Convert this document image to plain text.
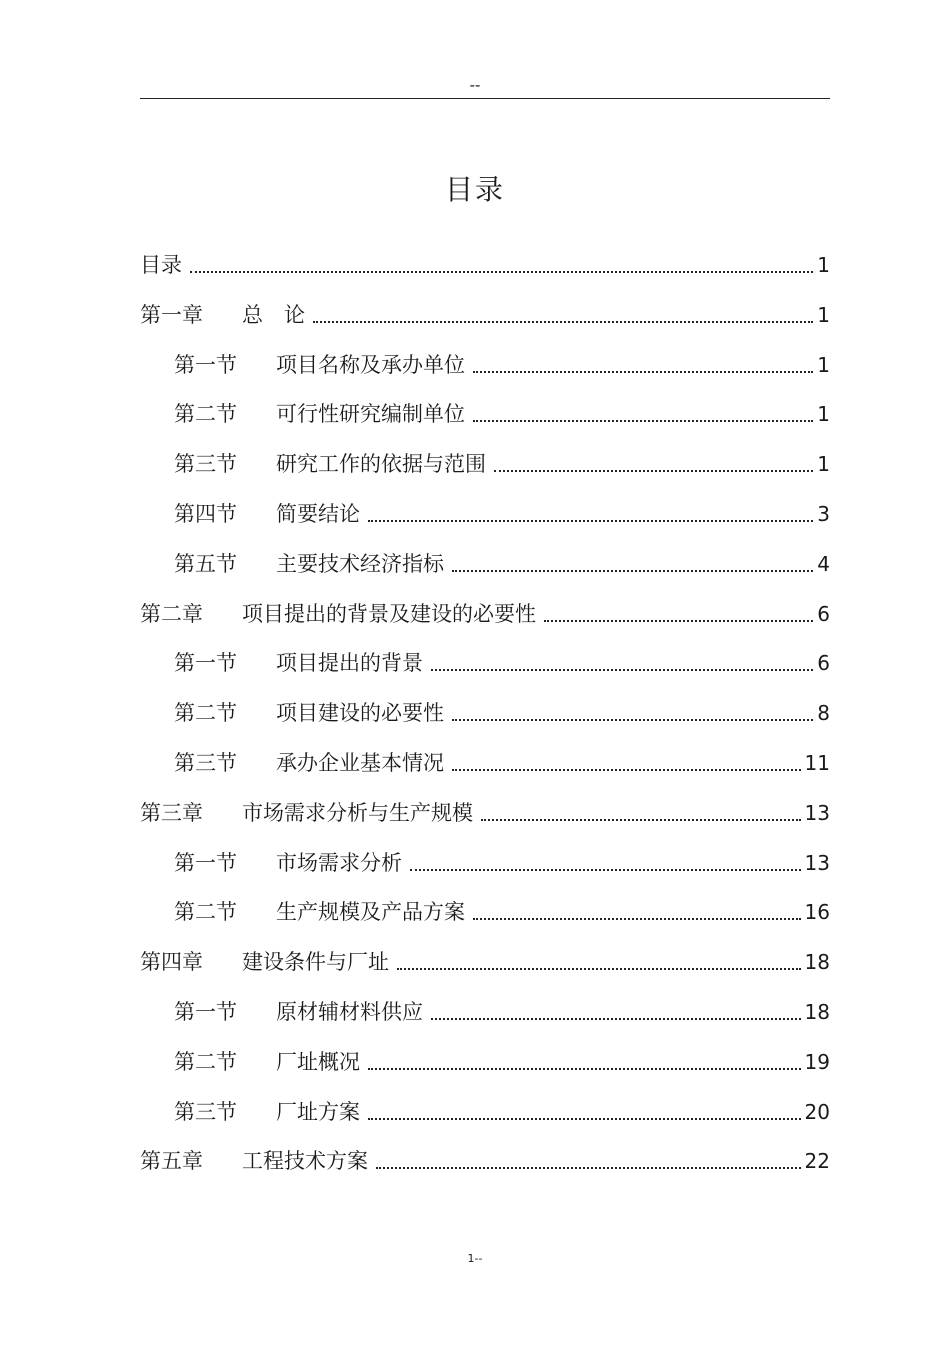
--
目录
目录	1
第一章 总　论	1
第一节 项目名称及承办单位	1
第二节 可行性研究编制单位	1
第三节 研究工作的依据与范围	1
第四节 简要结论	3
第五节 主要技术经济指标	4
第二章 项目提出的背景及建设的必要性	6
第一节 项目提出的背景	6
第二节 项目建设的必要性	8
第三节 承办企业基本情况	11
第三章 市场需求分析与生产规模	13
第一节 市场需求分析	13
第二节 生产规模及产品方案	16
第四章 建设条件与厂址	18
第一节 原材辅材料供应	18
第二节 厂址概况	19
第三节 厂址方案	20
第五章 工程技术方案	22
1--
